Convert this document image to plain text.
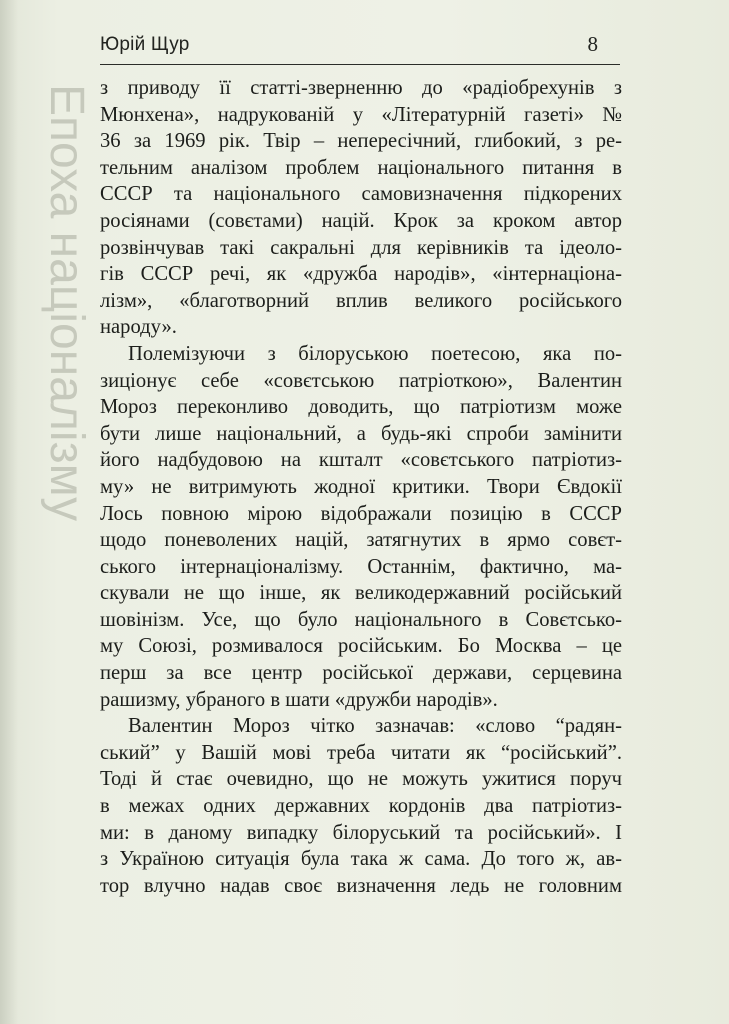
Юрій Щур	8
Епоха націоналізму з приводу її статті-зверненню до «радіобрехунів з
Мюнхена», надрукованій у «Літературній газеті» №
36 за 1969 рік. Твір – непересічний, глибокий, з ре-
тельним аналізом проблем національного питання в
СССР та національного самовизначення підкорених
росіянами (совєтами) націй. Крок за кроком автор
розвінчував такі сакральні для керівників та ідеоло-
гів СССР речі, як «дружба народів», «інтернаціона-
лізм», «благотворний вплив великого російського
народу».
Полемізуючи з білоруською поетесою, яка по-
зиціонує себе «совєтською патріоткою», Валентин
Мороз переконливо доводить, що патріотизм може
бути лише національний, а будь-які спроби замінити
його надбудовою на кшталт «совєтського патріотиз-
му» не витримують жодної критики. Твори Євдокії
Лось повною мірою відображали позицію в СССР
щодо поневолених націй, затягнутих в ярмо совєт-
ського інтернаціоналізму. Останнім, фактично, ма-
скували не що інше, як великодержавний російський
шовінізм. Усе, що було національного в Совєтсько-
му Союзі, розмивалося російським. Бо Москва – це
перш за все центр російської держави, серцевина
рашизму, убраного в шати «дружби народів».
Валентин Мороз чітко зазначав: «слово “радян-
ський” у Вашій мові треба читати як “російський”.
Тоді й стає очевидно, що не можуть ужитися поруч
в межах одних державних кордонів два патріотиз-
ми: в даному випадку білоруський та російський». І
з Україною ситуація була така ж сама. До того ж, ав-
тор влучно надав своє визначення ледь не головним
